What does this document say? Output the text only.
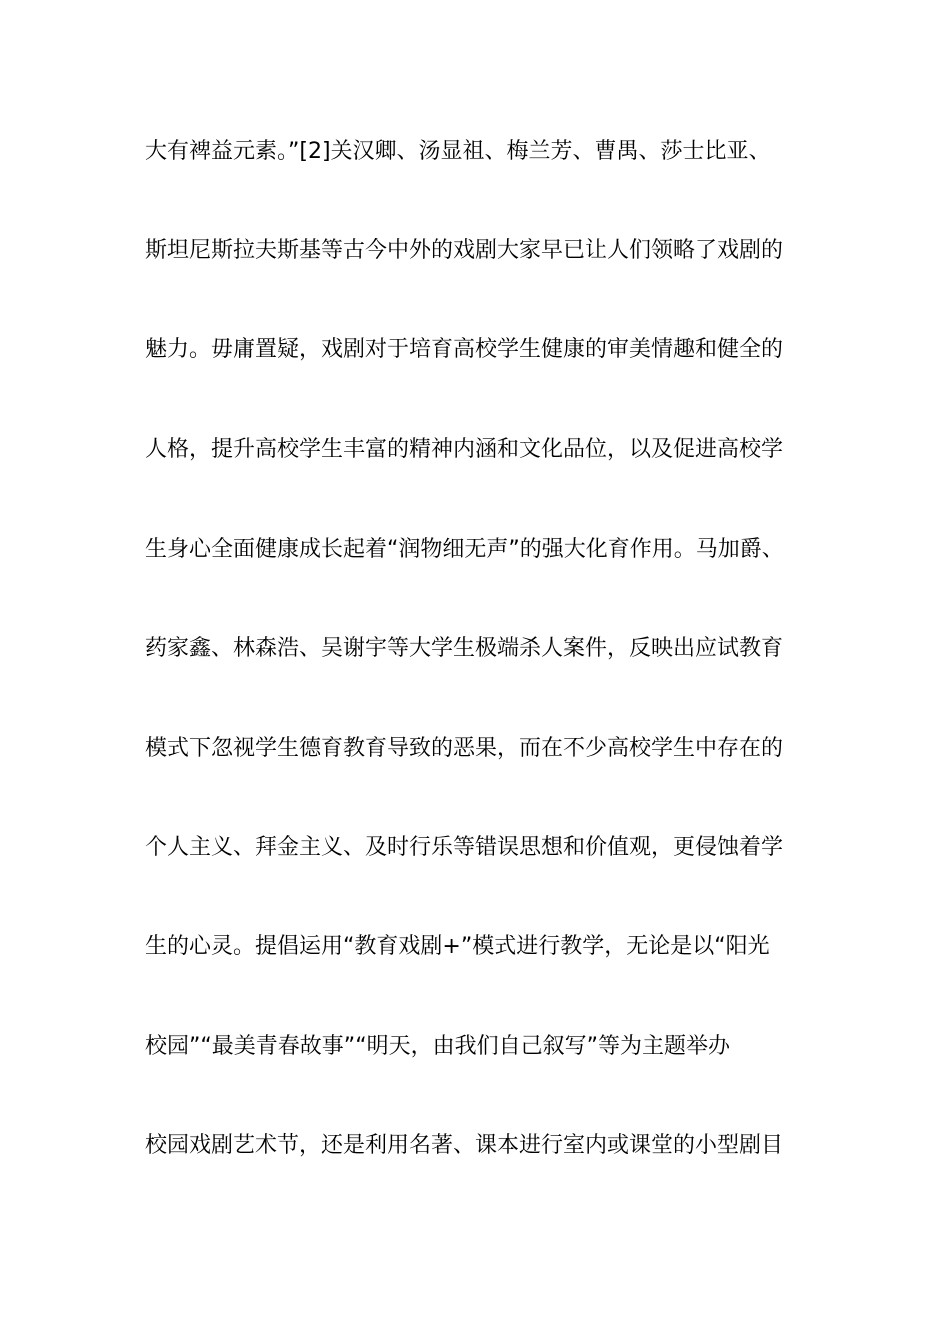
大有裨益元素。”[2]关汉卿、汤显祖、梅兰芳、曹禺、莎士比亚、
斯坦尼斯拉夫斯基等古今中外的戏剧大家早已让人们领略了戏剧的
魅力。毋庸置疑，戏剧对于培育高校学生健康的审美情趣和健全的
人格，提升高校学生丰富的精神内涵和文化品位，以及促进高校学
生身心全面健康成长起着“润物细无声”的强大化育作用。马加爵、
药家鑫、林森浩、吴谢宇等大学生极端杀人案件，反映出应试教育
模式下忽视学生德育教育导致的恶果，而在不少高校学生中存在的
个人主义、拜金主义、及时行乐等错误思想和价值观，更侵蚀着学
生的心灵。提倡运用“教育戏剧+”模式进行教学，无论是以“阳光
校园”“最美青春故事”“明天，由我们自己叙写”等为主题举办
校园戏剧艺术节，还是利用名著、课本进行室内或课堂的小型剧目
